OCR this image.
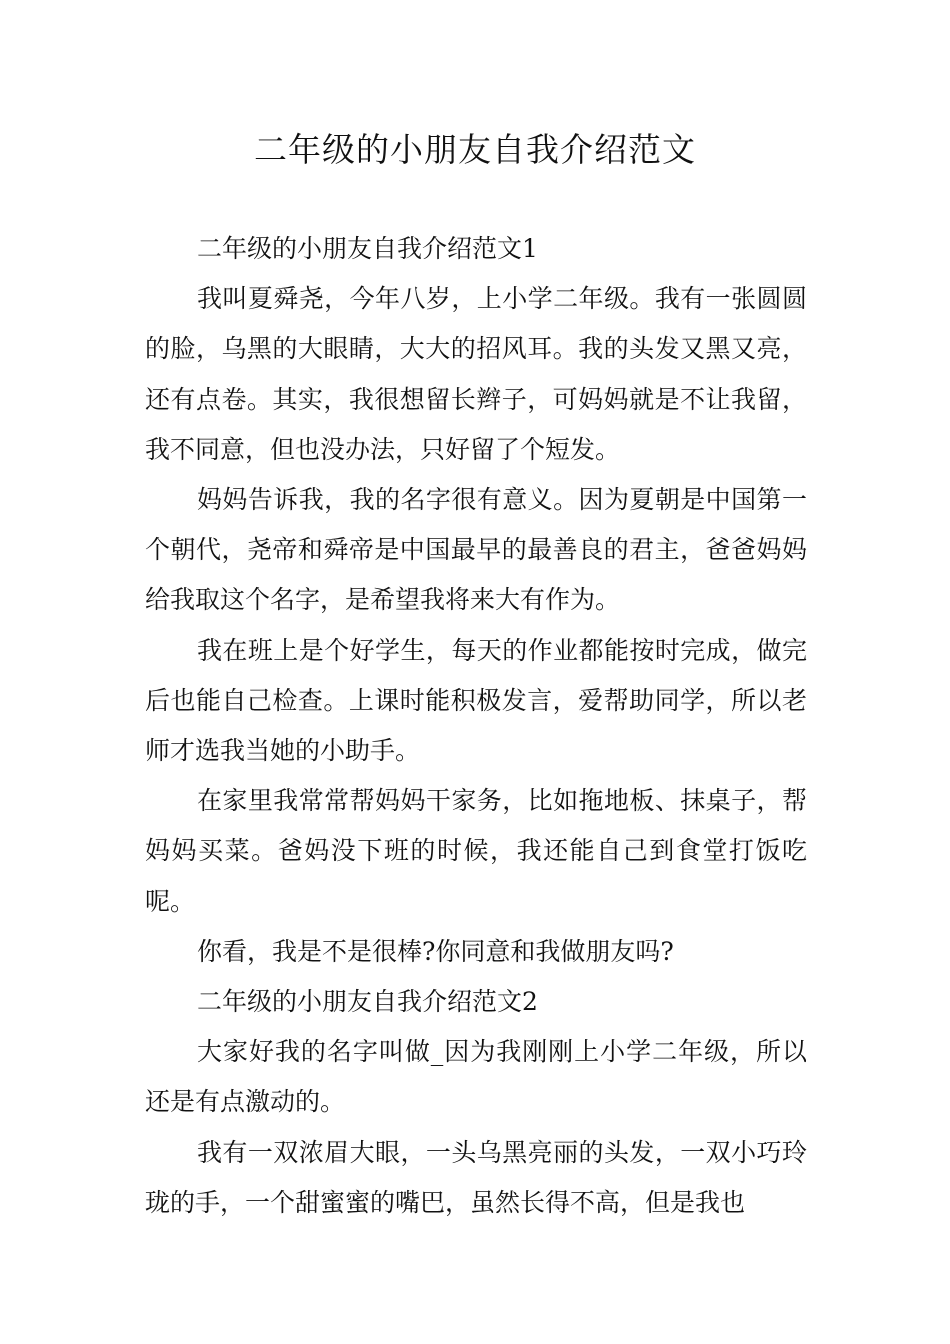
二年级的小朋友自我介绍范文

二年级的小朋友自我介绍范文1

我叫夏舜尧，今年八岁，上小学二年级。我有一张圆圆的脸，乌黑的大眼睛，大大的招风耳。我的头发又黑又亮，还有点卷。其实，我很想留长辫子，可妈妈就是不让我留，我不同意，但也没办法，只好留了个短发。

妈妈告诉我，我的名字很有意义。因为夏朝是中国第一个朝代，尧帝和舜帝是中国最早的最善良的君主，爸爸妈妈给我取这个名字，是希望我将来大有作为。

我在班上是个好学生，每天的作业都能按时完成，做完后也能自己检查。上课时能积极发言，爱帮助同学，所以老师才选我当她的小助手。

在家里我常常帮妈妈干家务，比如拖地板、抹桌子，帮妈妈买菜。爸妈没下班的时候，我还能自己到食堂打饭吃呢。

你看，我是不是很棒?你同意和我做朋友吗?

二年级的小朋友自我介绍范文2

大家好我的名字叫做_因为我刚刚上小学二年级，所以还是有点激动的。

我有一双浓眉大眼，一头乌黑亮丽的头发，一双小巧玲珑的手，一个甜蜜蜜的嘴巴，虽然长得不高，但是我也
